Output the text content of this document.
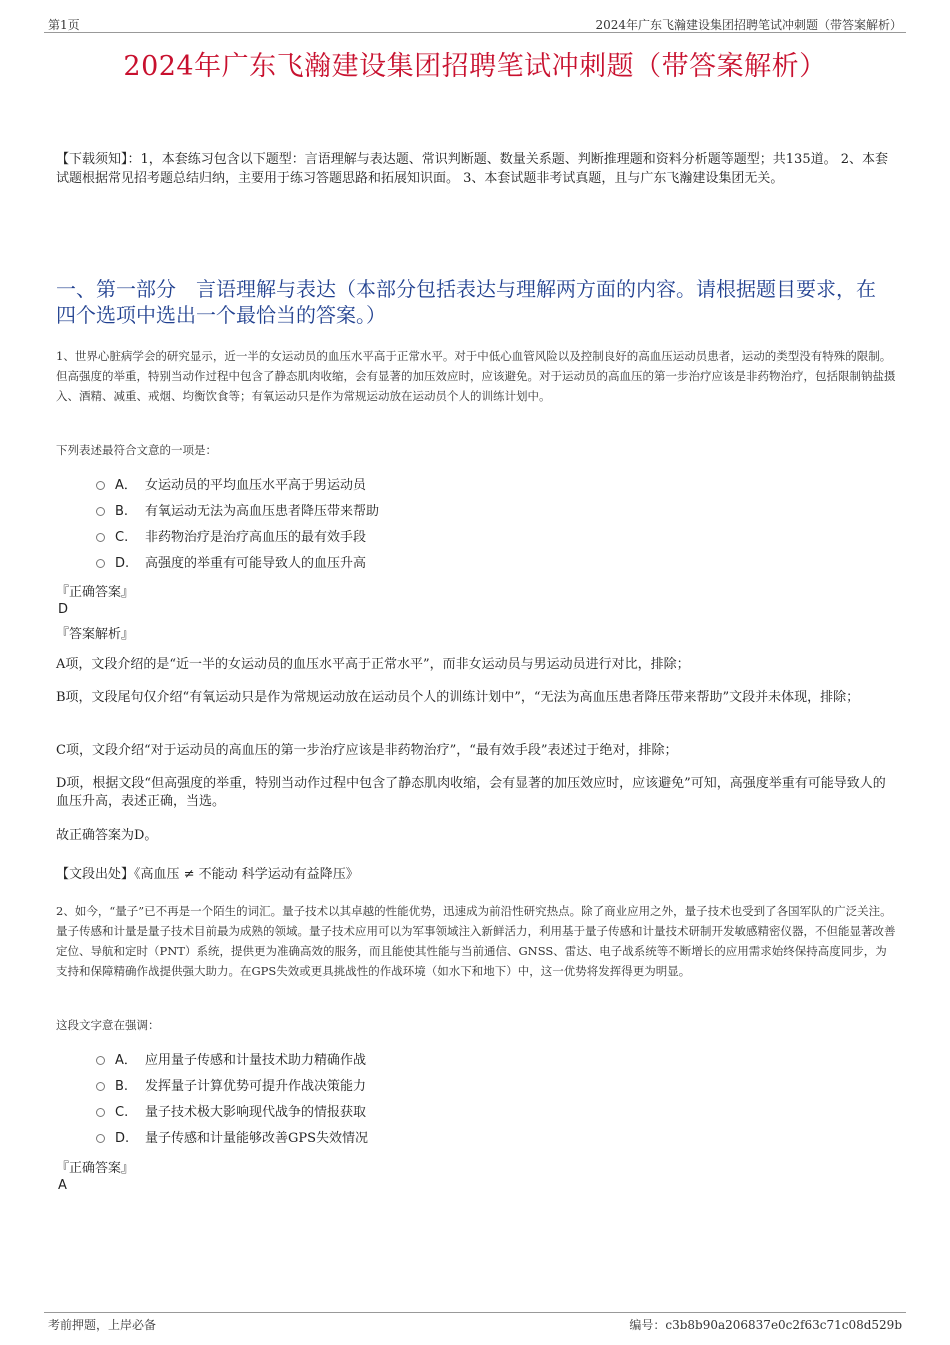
第1页	2024年广东飞瀚建设集团招聘笔试冲刺题（带答案解析）
2024年广东飞瀚建设集团招聘笔试冲刺题（带答案解析）
【下载须知】：1，本套练习包含以下题型：言语理解与表达题、常识判断题、数量关系题、判断推理题和资料分析题等题型；共135道。 2、本套试题根据常见招考题总结归纳，主要用于练习答题思路和拓展知识面。 3、本套试题非考试真题，且与广东飞瀚建设集团无关。
一、第一部分　言语理解与表达（本部分包括表达与理解两方面的内容。请根据题目要求，在四个选项中选出一个最恰当的答案。）
1、世界心脏病学会的研究显示，近一半的女运动员的血压水平高于正常水平。对于中低心血管风险以及控制良好的高血压运动员患者，运动的类型没有特殊的限制。但高强度的举重，特别当动作过程中包含了静态肌肉收缩，会有显著的加压效应时，应该避免。对于运动员的高血压的第一步治疗应该是非药物治疗，包括限制钠盐摄入、酒精、减重、戒烟、均衡饮食等；有氧运动只是作为常规运动放在运动员个人的训练计划中。
下列表述最符合文意的一项是：
A． 女运动员的平均血压水平高于男运动员
B. 有氧运动无法为高血压患者降压带来帮助
C. 非药物治疗是治疗高血压的最有效手段
D. 高强度的举重有可能导致人的血压升高
『正确答案』
D
『答案解析』
A项，文段介绍的是“近一半的女运动员的血压水平高于正常水平”，而非女运动员与男运动员进行对比，排除；
B项，文段尾句仅介绍“有氧运动只是作为常规运动放在运动员个人的训练计划中”，“无法为高血压患者降压带来帮助”文段并未体现，排除；
C项，文段介绍“对于运动员的高血压的第一步治疗应该是非药物治疗”，“最有效手段”表述过于绝对，排除；
D项，根据文段“但高强度的举重，特别当动作过程中包含了静态肌肉收缩，会有显著的加压效应时，应该避免”可知，高强度举重有可能导致人的血压升高，表述正确，当选。
故正确答案为D。
【文段出处】《高血压 ≠ 不能动 科学运动有益降压》
2、如今，“量子”已不再是一个陌生的词汇。量子技术以其卓越的性能优势，迅速成为前沿性研究热点。除了商业应用之外，量子技术也受到了各国军队的广泛关注。量子传感和计量是量子技术目前最为成熟的领域。量子技术应用可以为军事领域注入新鲜活力，利用基于量子传感和计量技术研制开发敏感精密仪器，不但能显著改善定位、导航和定时（PNT）系统，提供更为准确高效的服务，而且能使其性能与当前通信、GNSS、雷达、电子战系统等不断增长的应用需求始终保持高度同步，为支持和保障精确作战提供强大助力。在GPS失效或更具挑战性的作战环境（如水下和地下）中，这一优势将发挥得更为明显。
这段文字意在强调：
A． 应用量子传感和计量技术助力精确作战
B. 发挥量子计算优势可提升作战决策能力
C. 量子技术极大影响现代战争的情报获取
D. 量子传感和计量能够改善GPS失效情况
『正确答案』
A
考前押题，上岸必备	编号：c3b8b90a206837e0c2f63c71c08d529b
